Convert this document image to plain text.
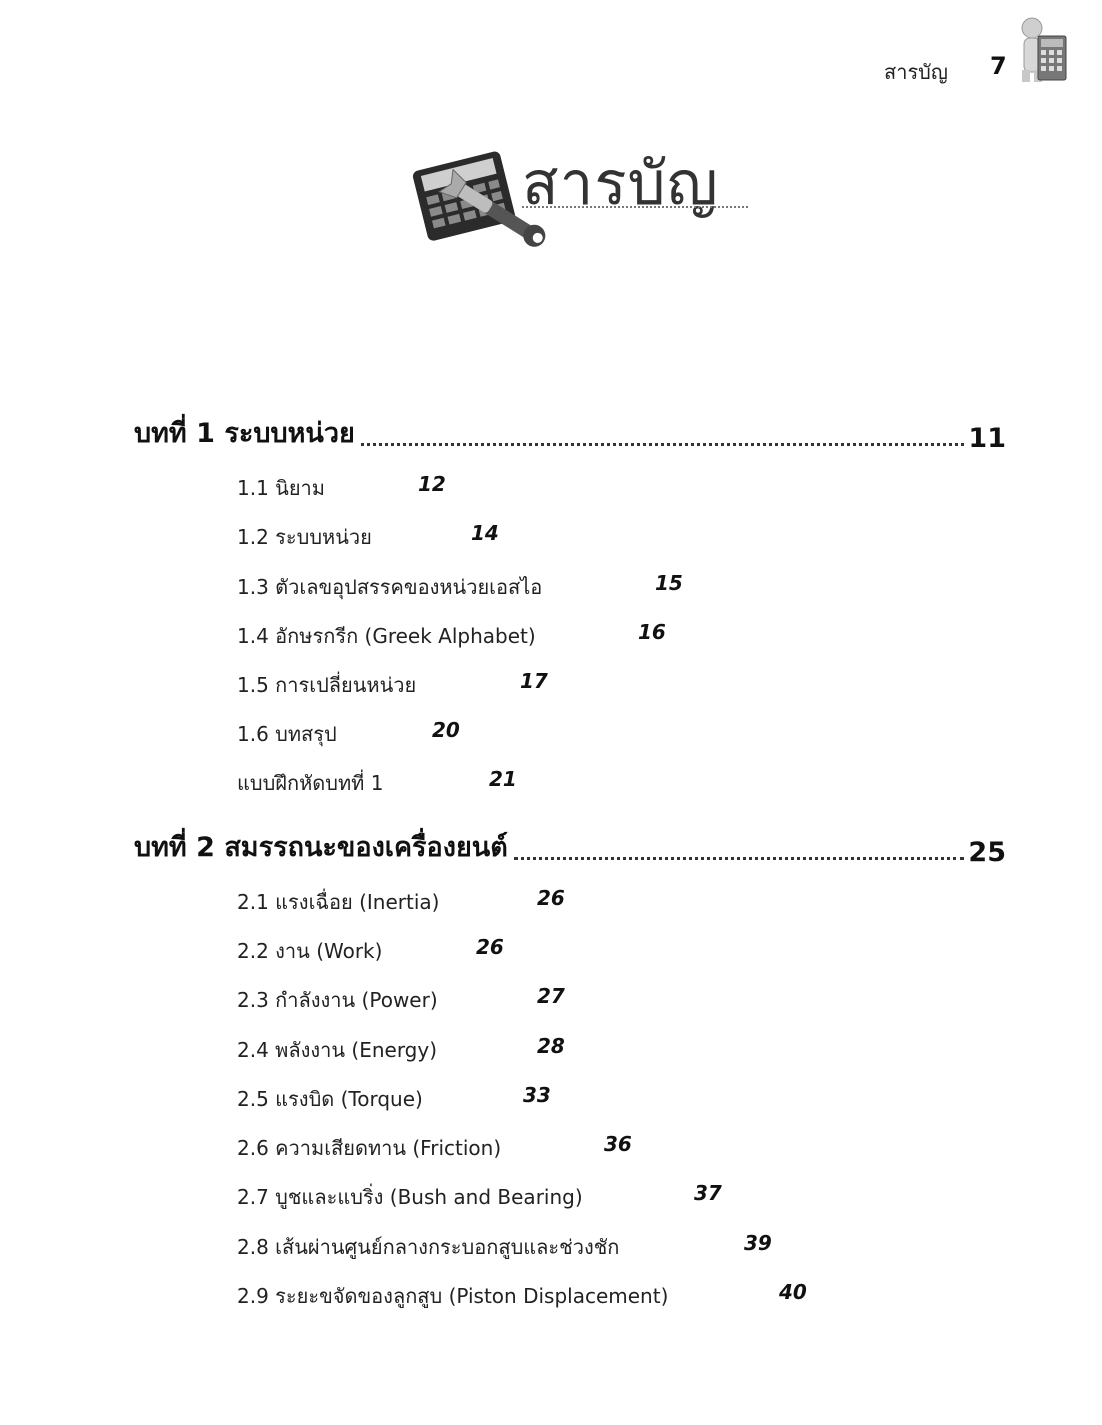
สารบัญ 7
สารบัญ
บทที่ 1 ระบบหน่วย	11
1.1 นิยาม	12
1.2 ระบบหน่วย	14
1.3 ตัวเลขอุปสรรคของหน่วยเอสไอ	15
1.4 อักษรกรีก (Greek Alphabet)	16
1.5 การเปลี่ยนหน่วย	17
1.6 บทสรุป	20
แบบฝึกหัดบทที่ 1	21
บทที่ 2 สมรรถนะของเครื่องยนต์	25
2.1 แรงเฉื่อย (Inertia)	26
2.2 งาน (Work)	26
2.3 กำลังงาน (Power)	27
2.4 พลังงาน (Energy)	28
2.5 แรงบิด (Torque)	33
2.6 ความเสียดทาน (Friction)	36
2.7 บูชและแบริ่ง (Bush and Bearing)	37
2.8 เส้นผ่านศูนย์กลางกระบอกสูบและช่วงชัก	39
2.9 ระยะขจัดของลูกสูบ (Piston Displacement)	40
